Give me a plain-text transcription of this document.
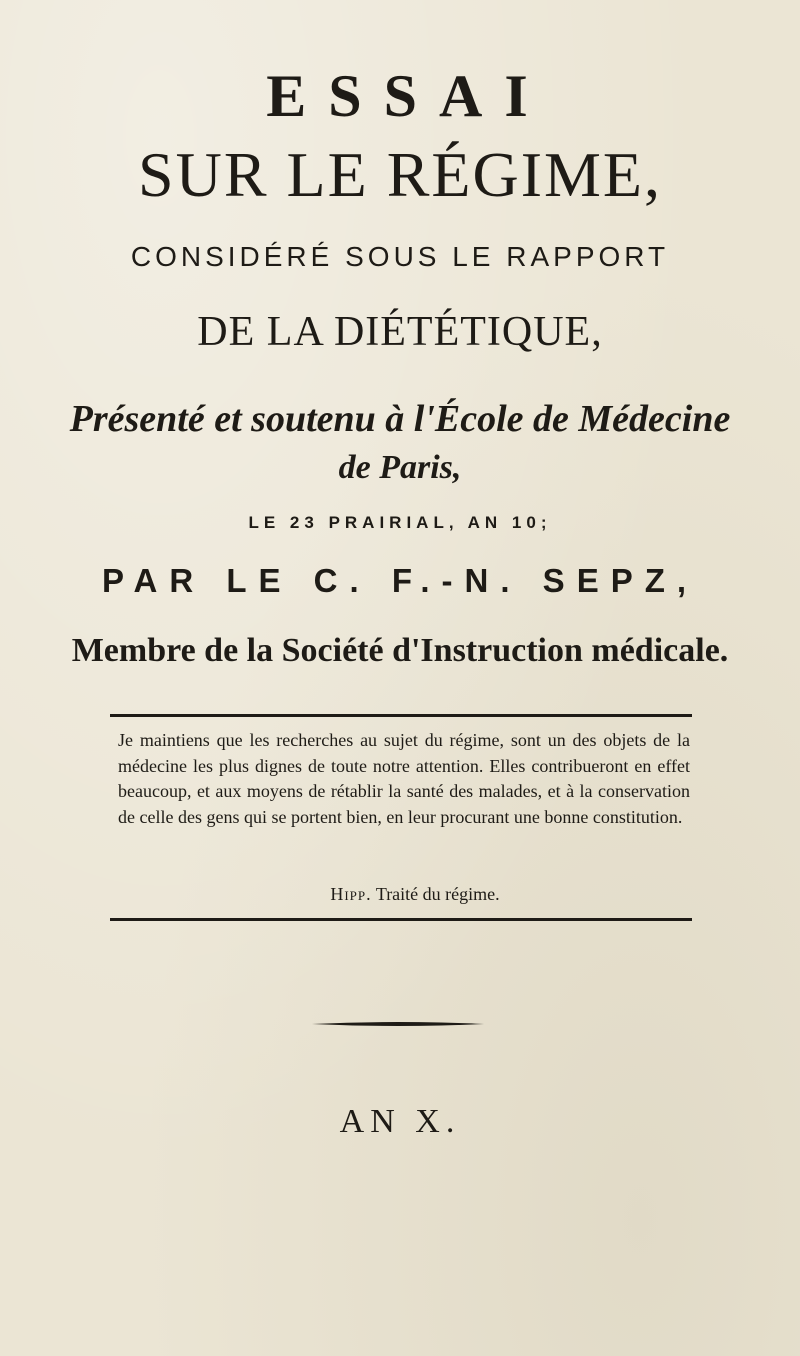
ESSAI
SUR LE RÉGIME,
CONSIDÉRÉ SOUS LE RAPPORT
DE LA DIÉTÉTIQUE,
Présenté et soutenu à l'École de Médecine
de Paris,
LE 23 PRAIRIAL, AN 10;
PAR LE C. F.-N. SEPZ,
Membre de la Société d'Instruction médicale.
Je maintiens que les recherches au sujet du régime, sont un des objets de la médecine les plus dignes de toute notre attention. Elles contribueront en effet beaucoup, et aux moyens de rétablir la santé des malades, et à la conservation de celle des gens qui se portent bien, en leur procurant une bonne constitution.
Hipp. Traité du régime.
AN X.
